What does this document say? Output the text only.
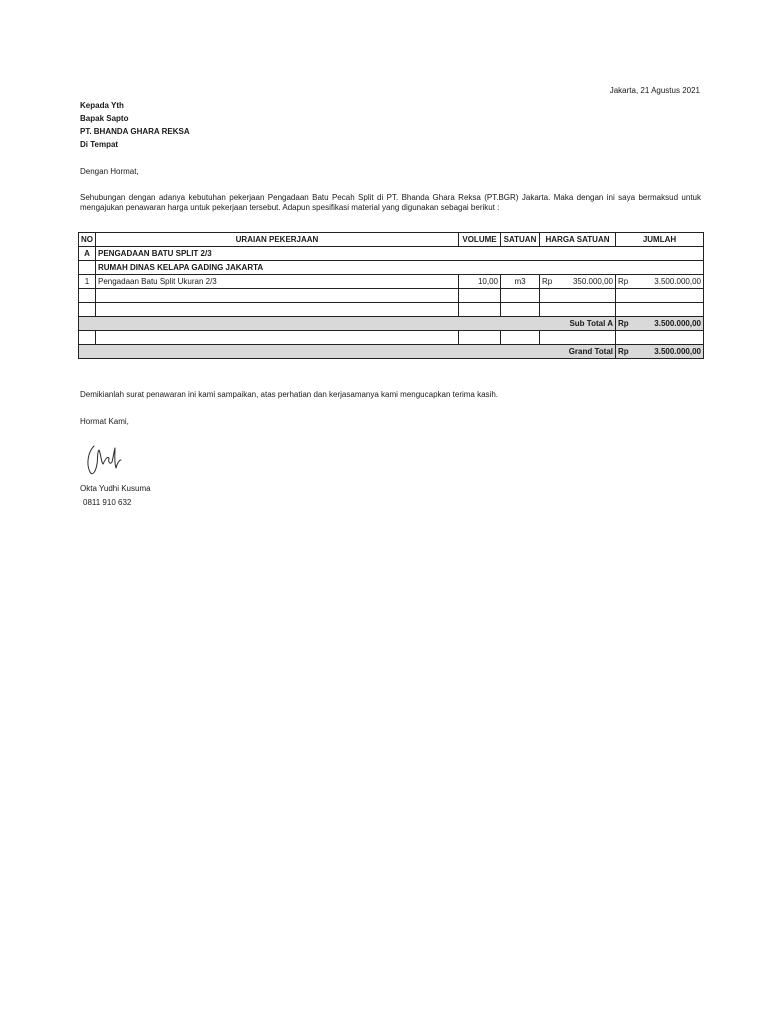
Jakarta, 21 Agustus 2021
Kepada Yth
Bapak Sapto
PT. BHANDA GHARA REKSA
Di Tempat
Dengan Hormat,
Sehubungan dengan adanya kebutuhan pekerjaan Pengadaan Batu Pecah Split di PT. Bhanda Ghara Reksa (PT.BGR) Jakarta. Maka dengan ini saya bermaksud untuk mengajukan penawaran harga untuk pekerjaan tersebut. Adapun spesifikasi material yang digunakan sebagai berikut :
NO	URAIAN PEKERJAAN	VOLUME	SATUAN	HARGA SATUAN		JUMLAH	
A	PENGADAAN BATU SPLIT 2/3						
	RUMAH DINAS KELAPA GADING JAKARTA						
1	Pengadaan Batu Split Ukuran 2/3	10,00	m3	Rp	350.000,00	Rp	3.500.000,00

Sub Total A						Rp	3.500.000,00

Grand Total						Rp	3.500.000,00
Demikianlah surat penawaran ini kami sampaikan, atas perhatian dan kerjasamanya kami mengucapkan terima kasih.
Hormat Kami,
Okta Yudhi Kusuma
0811 910 632
